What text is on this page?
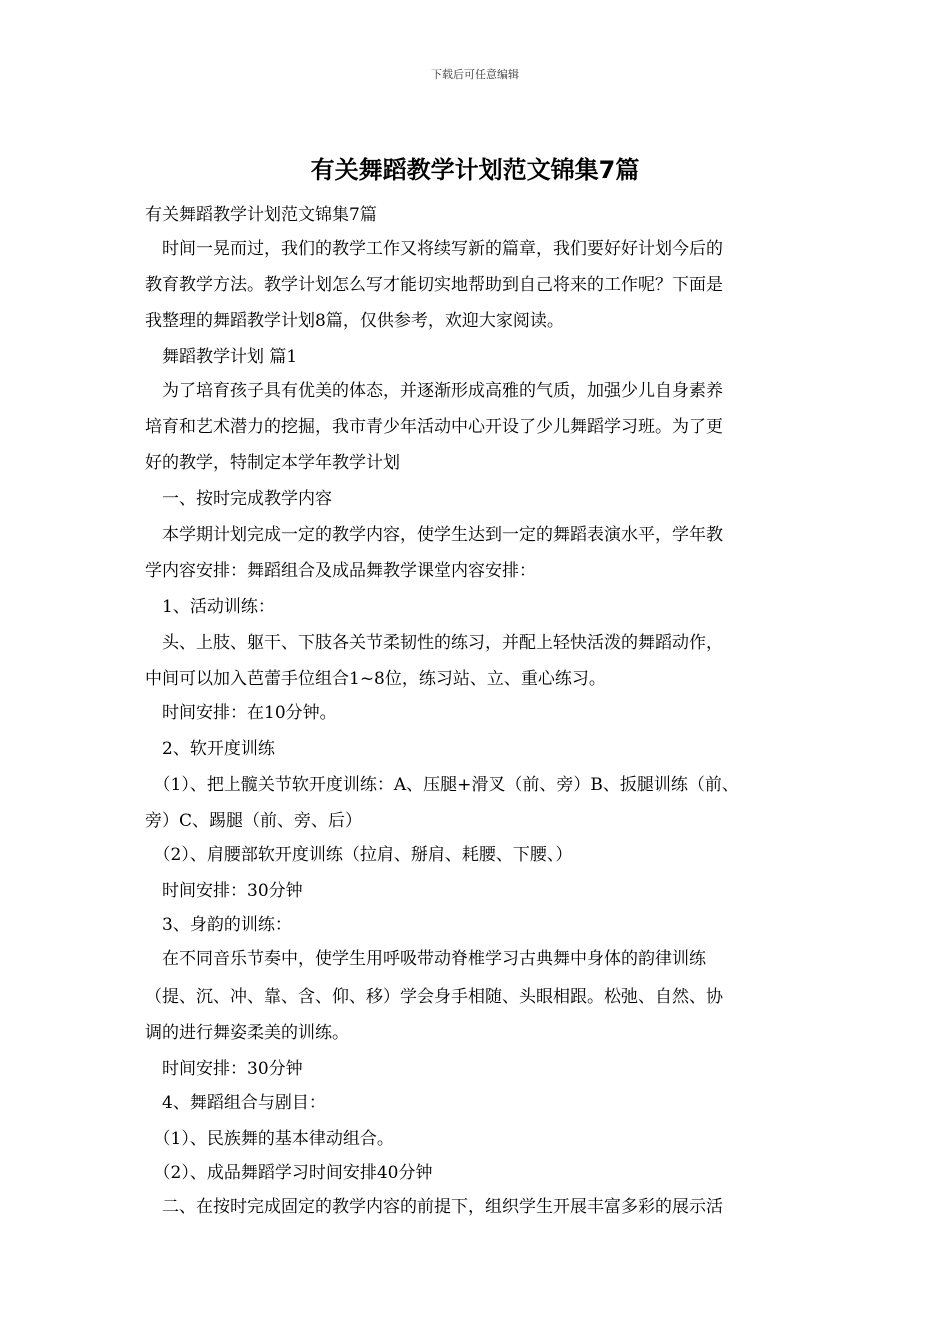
下载后可任意编辑
有关舞蹈教学计划范文锦集7篇
有关舞蹈教学计划范文锦集7篇
　时间一晃而过，我们的教学工作又将续写新的篇章，我们要好好计划今后的
教育教学方法。教学计划怎么写才能切实地帮助到自己将来的工作呢？下面是
我整理的舞蹈教学计划8篇，仅供参考，欢迎大家阅读。
　舞蹈教学计划 篇1
　为了培育孩子具有优美的体态，并逐渐形成高雅的气质，加强少儿自身素养
培育和艺术潜力的挖掘，我市青少年活动中心开设了少儿舞蹈学习班。为了更
好的教学，特制定本学年教学计划
　一、按时完成教学内容
　本学期计划完成一定的教学内容，使学生达到一定的舞蹈表演水平，学年教
学内容安排：舞蹈组合及成品舞教学课堂内容安排：
　1、活动训练：
　头、上肢、躯干、下肢各关节柔韧性的练习，并配上轻快活泼的舞蹈动作，
中间可以加入芭蕾手位组合1~8位，练习站、立、重心练习。
　时间安排：在10分钟。
　2、软开度训练
　（1）、把上髋关节软开度训练：A、压腿+滑叉（前、旁）B、扳腿训练（前、
旁）C、踢腿（前、旁、后）
　（2）、肩腰部软开度训练（拉肩、掰肩、耗腰、下腰、）
　时间安排：30分钟
　3、身韵的训练：
　在不同音乐节奏中，使学生用呼吸带动脊椎学习古典舞中身体的韵律训练
（提、沉、冲、靠、含、仰、移）学会身手相随、头眼相跟。松弛、自然、协
调的进行舞姿柔美的训练。
　时间安排：30分钟
　4、舞蹈组合与剧目：
　（1）、民族舞的基本律动组合。
　（2）、成品舞蹈学习时间安排40分钟
　二、在按时完成固定的教学内容的前提下，组织学生开展丰富多彩的展示活
